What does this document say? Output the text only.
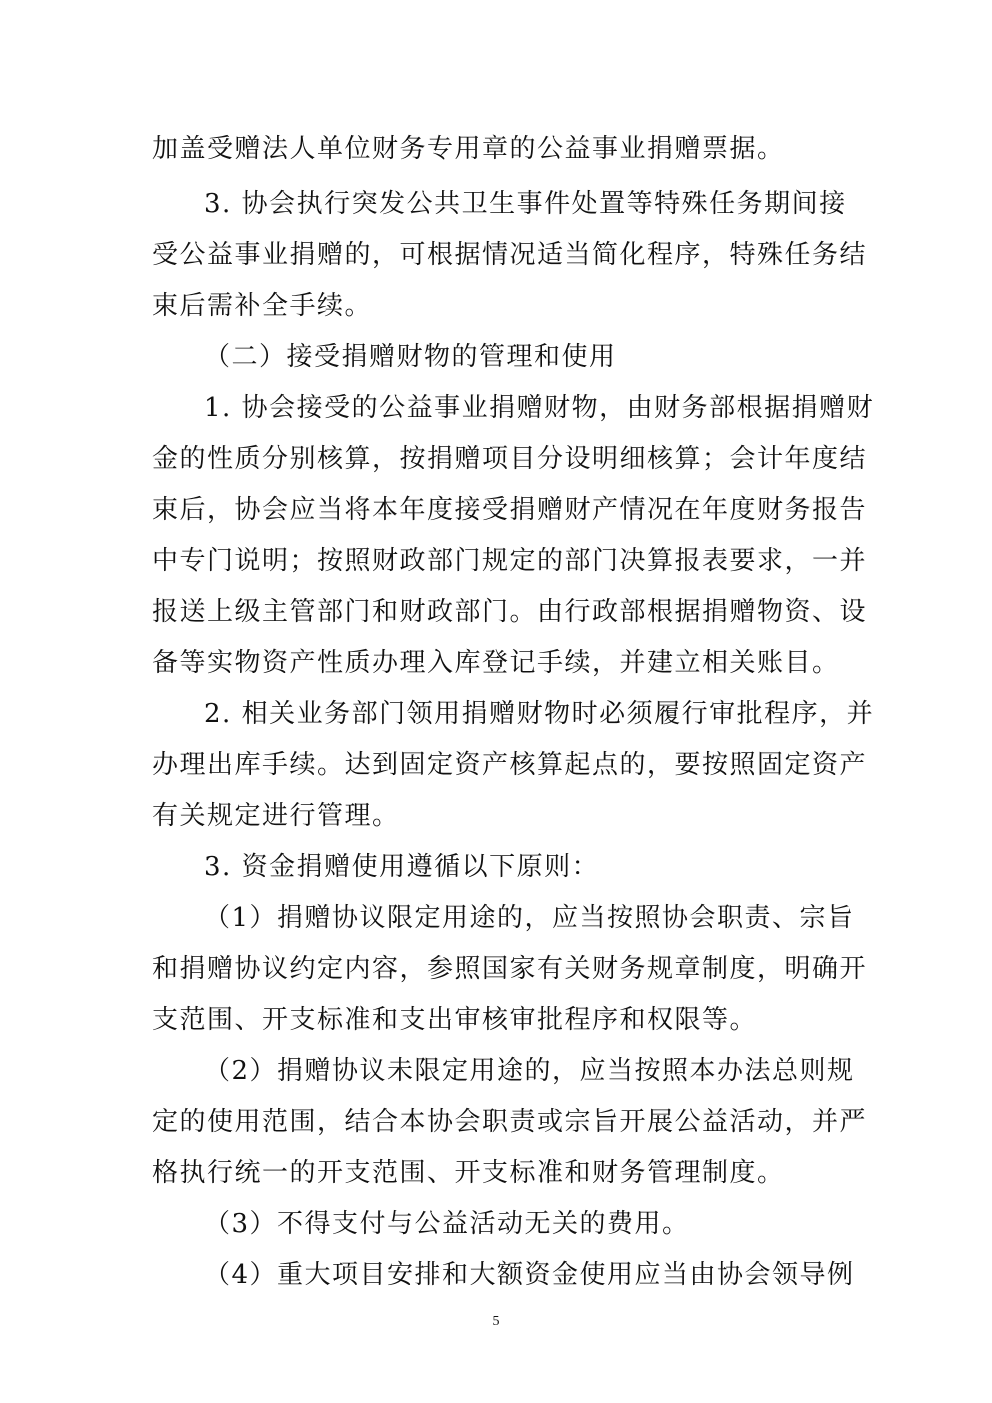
加盖受赠法人单位财务专用章的公益事业捐赠票据。
3. 协会执行突发公共卫生事件处置等特殊任务期间接
受公益事业捐赠的，可根据情况适当简化程序，特殊任务结
束后需补全手续。
（二）接受捐赠财物的管理和使用
1. 协会接受的公益事业捐赠财物，由财务部根据捐赠财
金的性质分别核算，按捐赠项目分设明细核算；会计年度结
束后，协会应当将本年度接受捐赠财产情况在年度财务报告
中专门说明；按照财政部门规定的部门决算报表要求，一并
报送上级主管部门和财政部门。由行政部根据捐赠物资、设
备等实物资产性质办理入库登记手续，并建立相关账目。
2. 相关业务部门领用捐赠财物时必须履行审批程序，并
办理出库手续。达到固定资产核算起点的，要按照固定资产
有关规定进行管理。
3. 资金捐赠使用遵循以下原则：
（1）捐赠协议限定用途的，应当按照协会职责、宗旨
和捐赠协议约定内容，参照国家有关财务规章制度，明确开
支范围、开支标准和支出审核审批程序和权限等。
（2）捐赠协议未限定用途的，应当按照本办法总则规
定的使用范围，结合本协会职责或宗旨开展公益活动，并严
格执行统一的开支范围、开支标准和财务管理制度。
（3）不得支付与公益活动无关的费用。
（4）重大项目安排和大额资金使用应当由协会领导例
5
